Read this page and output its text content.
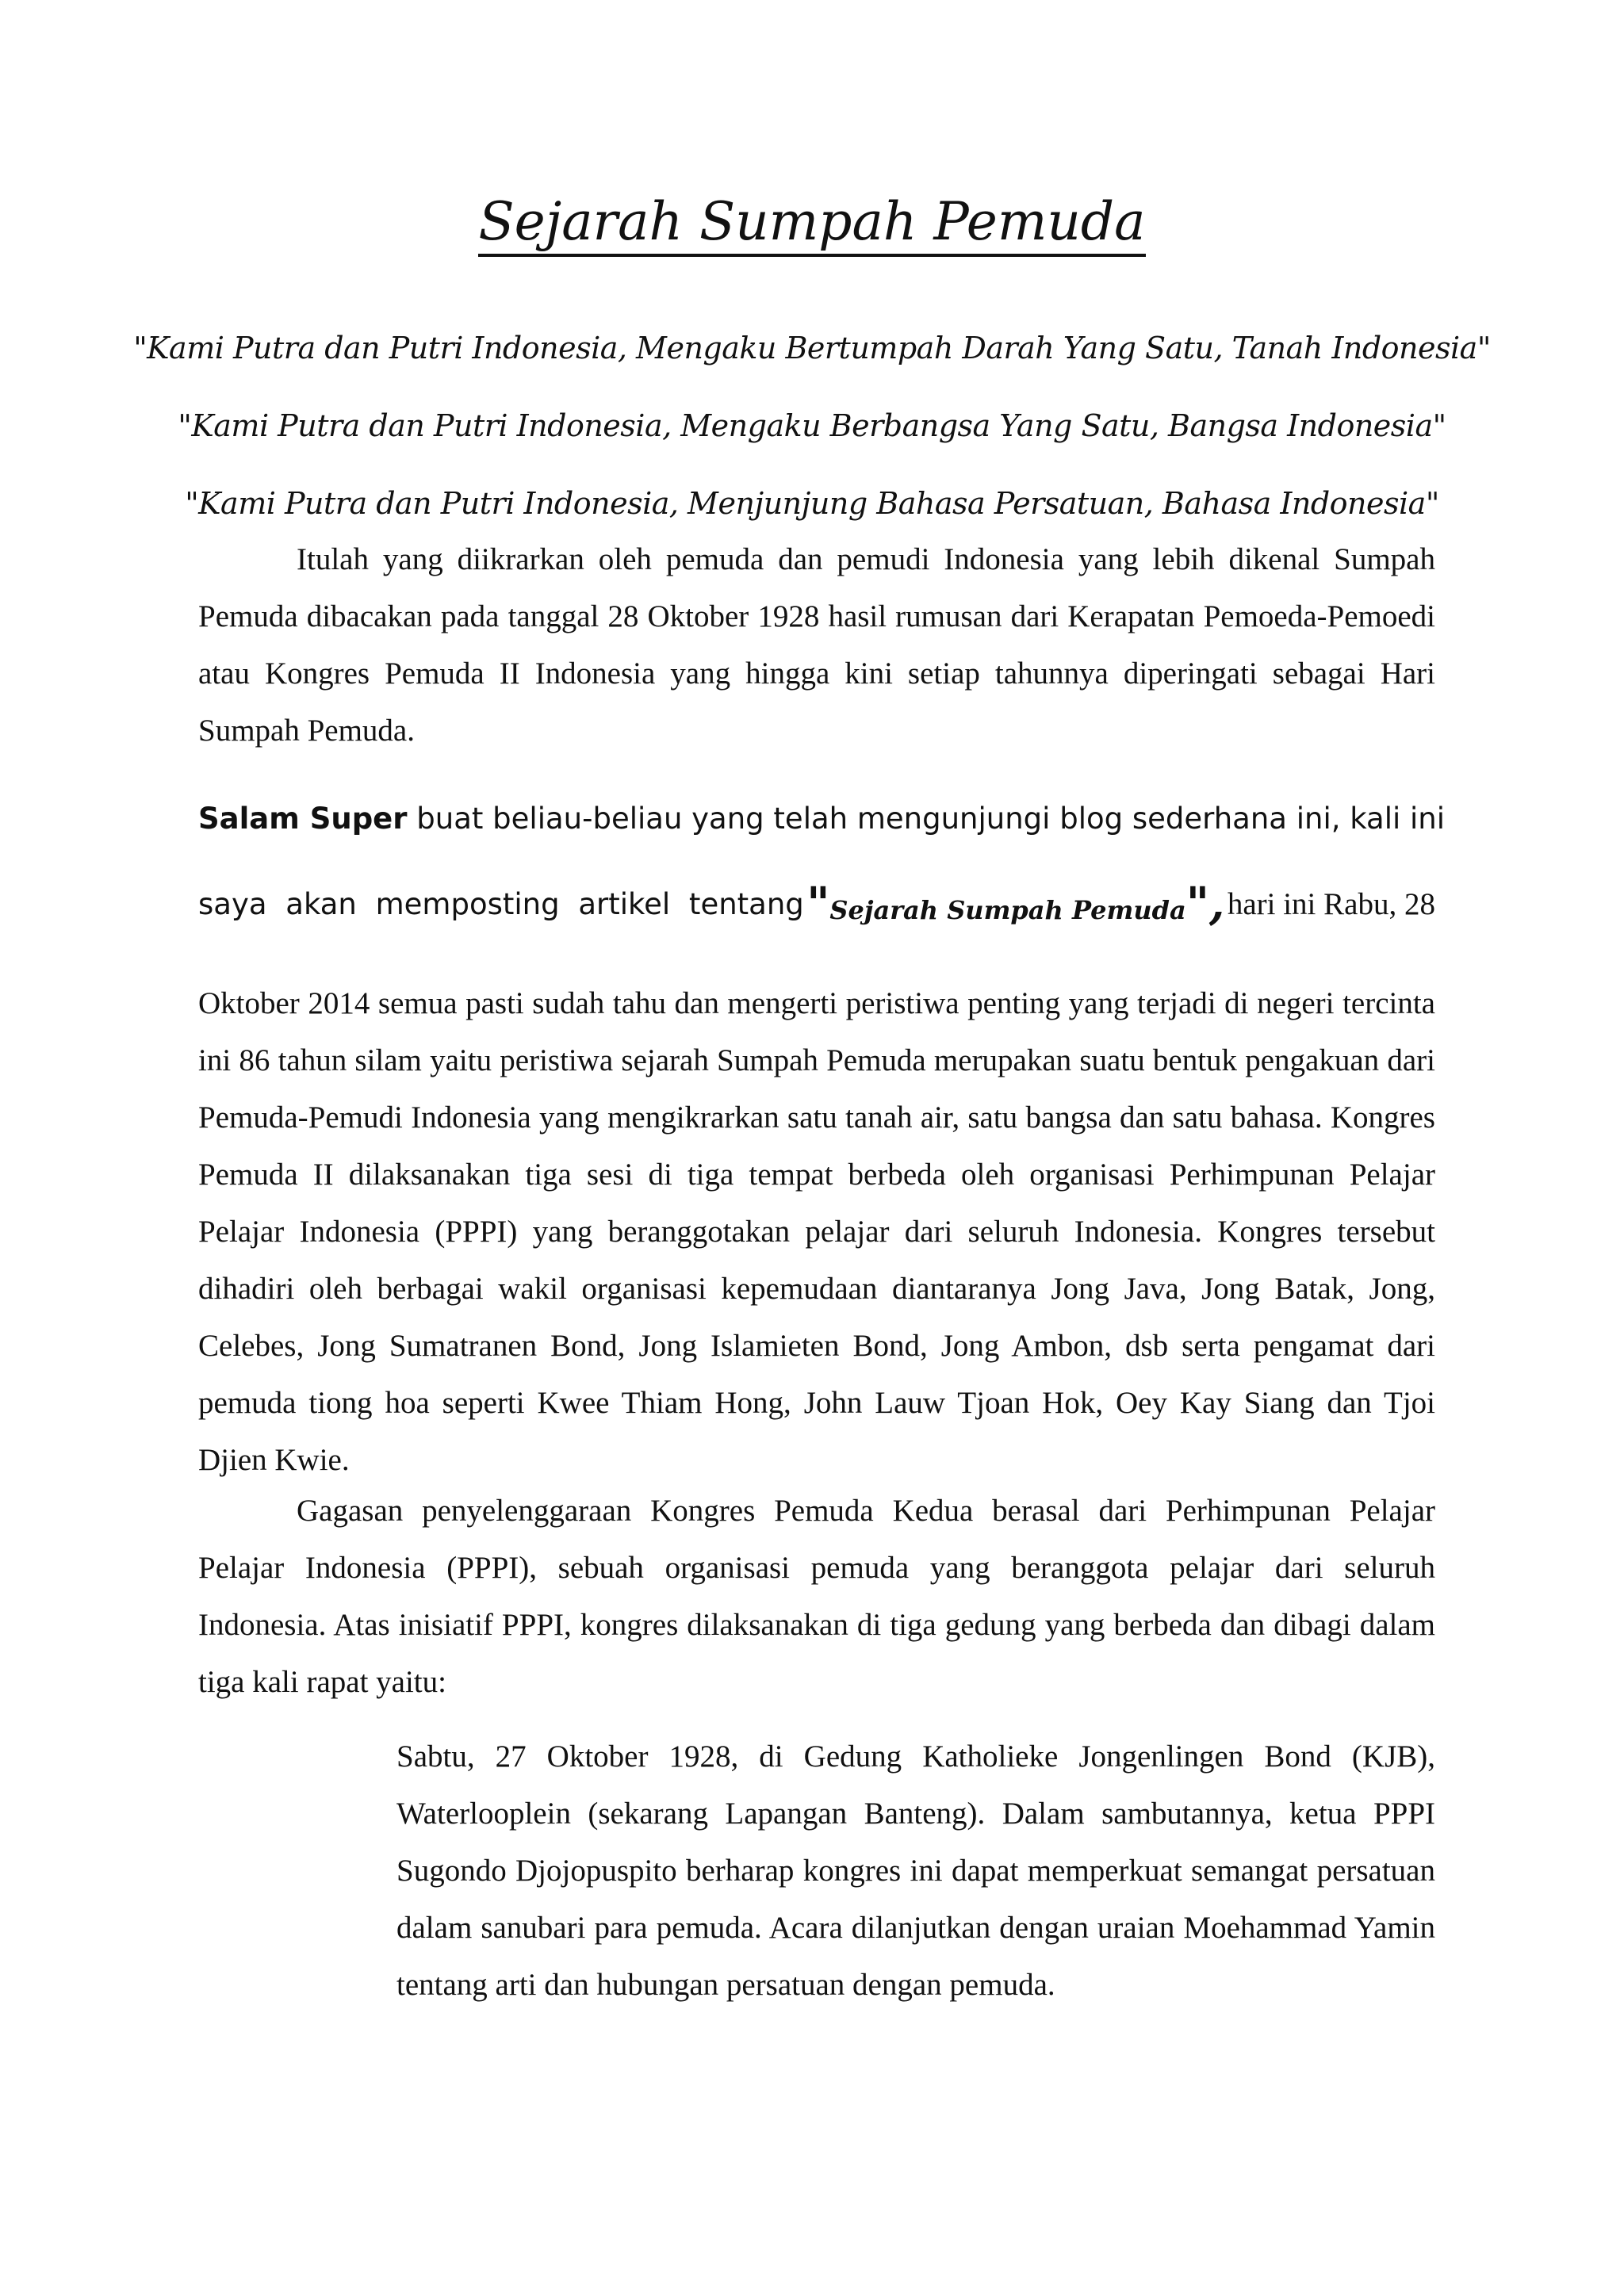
Sejarah Sumpah Pemuda
"Kami Putra dan Putri Indonesia, Mengaku Bertumpah Darah Yang Satu, Tanah Indonesia"
"Kami Putra dan Putri Indonesia, Mengaku Berbangsa Yang Satu, Bangsa Indonesia"
"Kami Putra dan Putri Indonesia, Menjunjung Bahasa Persatuan, Bahasa Indonesia"
Itulah yang diikrarkan oleh pemuda dan pemudi Indonesia yang lebih dikenal Sumpah Pemuda dibacakan pada tanggal 28 Oktober 1928 hasil rumusan dari Kerapatan Pemoeda-Pemoedi atau Kongres Pemuda II Indonesia yang hingga kini setiap tahunnya diperingati sebagai Hari Sumpah Pemuda.
Salam Super buat beliau-beliau yang telah mengunjungi blog sederhana ini, kali ini
saya akan memposting artikel tentang "Sejarah Sumpah Pemuda", hari ini Rabu, 28
Oktober 2014 semua pasti sudah tahu dan mengerti peristiwa penting yang terjadi di negeri tercinta ini 86 tahun silam yaitu peristiwa sejarah Sumpah Pemuda merupakan suatu bentuk pengakuan dari Pemuda-Pemudi Indonesia yang mengikrarkan satu tanah air, satu bangsa dan satu bahasa. Kongres Pemuda II dilaksanakan tiga sesi di tiga tempat berbeda oleh organisasi Perhimpunan Pelajar Pelajar Indonesia (PPPI) yang beranggotakan pelajar dari seluruh Indonesia. Kongres tersebut dihadiri oleh berbagai wakil organisasi kepemudaan diantaranya Jong Java, Jong Batak, Jong, Celebes, Jong Sumatranen Bond, Jong Islamieten Bond, Jong Ambon, dsb serta pengamat dari pemuda tiong hoa seperti Kwee Thiam Hong, John Lauw Tjoan Hok, Oey Kay Siang dan Tjoi Djien Kwie.
Gagasan penyelenggaraan Kongres Pemuda Kedua berasal dari Perhimpunan Pelajar Pelajar Indonesia (PPPI), sebuah organisasi pemuda yang beranggota pelajar dari seluruh Indonesia. Atas inisiatif PPPI, kongres dilaksanakan di tiga gedung yang berbeda dan dibagi dalam tiga kali rapat yaitu:
Sabtu, 27 Oktober 1928, di Gedung Katholieke Jongenlingen Bond (KJB), Waterlooplein (sekarang Lapangan Banteng). Dalam sambutannya, ketua PPPI Sugondo Djojopuspito berharap kongres ini dapat memperkuat semangat persatuan dalam sanubari para pemuda. Acara dilanjutkan dengan uraian Moehammad Yamin tentang arti dan hubungan persatuan dengan pemuda.
